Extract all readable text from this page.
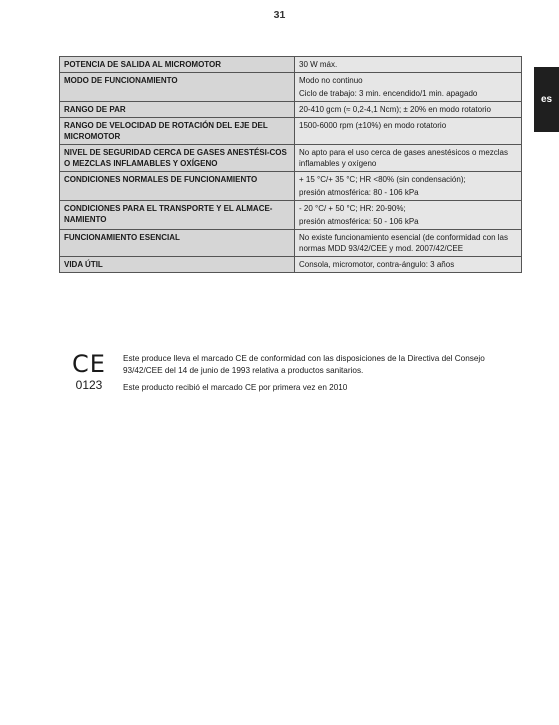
31
es
POTENCIA DE SALIDA AL MICROMOTOR	30 W máx.

MODO DE FUNCIONAMIENTO	Modo no continuo
Ciclo de trabajo: 3 min. encendido/1 min. apagado

RANGO DE PAR	20-410 gcm (≈ 0,2-4,1 Ncm); ± 20% en modo rotatorio

RANGO DE VELOCIDAD DE ROTACIÓN DEL EJE DEL MICROMOTOR	1500-6000 rpm (±10%) en modo rotatorio

NIVEL DE SEGURIDAD CERCA DE GASES ANESTÉSI-COS O MEZCLAS INFLAMABLES Y OXÍGENO	No apto para el uso cerca de gases anestésicos o mezclas inflamables y oxígeno

CONDICIONES NORMALES DE FUNCIONAMIENTO	+ 15 °C/+ 35 °C; HR <80% (sin condensación);
presión atmosférica: 80 - 106 kPa

CONDICIONES PARA EL TRANSPORTE Y EL ALMACE-NAMIENTO	- 20 °C/ + 50 °C; HR: 20-90%;
presión atmosférica: 50 - 106 kPa

FUNCIONAMIENTO ESENCIAL	No existe funcionamiento esencial (de conformidad con las normas MDD 93/42/CEE y mod. 2007/42/CEE

VIDA ÚTIL	Consola, micromotor, contra-ángulo: 3 años
CE
0123

Este produce lleva el marcado CE de conformidad con las disposiciones de la Directiva del Consejo 93/42/CEE del 14 de junio de 1993 relativa a productos sanitarios.

Este producto recibió el marcado CE por primera vez en 2010
